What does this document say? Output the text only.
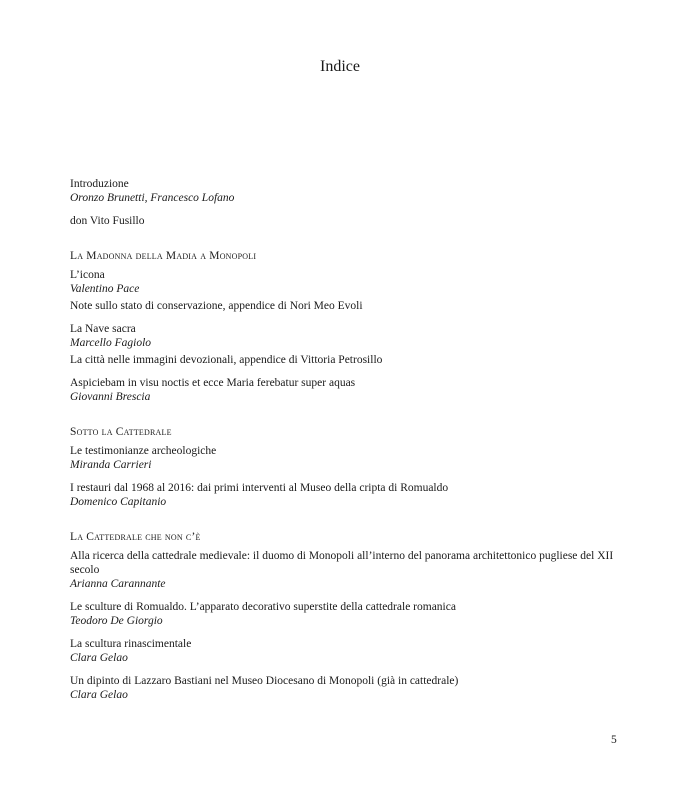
Indice
Introduzione
Oronzo Brunetti, Francesco Lofano
don Vito Fusillo
La Madonna della Madia a Monopoli
L’icona
Valentino Pace
Note sullo stato di conservazione, appendice di Nori Meo Evoli
La Nave sacra
Marcello Fagiolo
La città nelle immagini devozionali, appendice di Vittoria Petrosillo
Aspiciebam in visu noctis et ecce Maria ferebatur super aquas
Giovanni Brescia
Sotto la Cattedrale
Le testimonianze archeologiche
Miranda Carrieri
I restauri dal 1968 al 2016: dai primi interventi al Museo della cripta di Romualdo
Domenico Capitanio
La Cattedrale che non c’è
Alla ricerca della cattedrale medievale: il duomo di Monopoli all’interno del panorama architettonico pugliese del XII secolo
Arianna Carannante
Le sculture di Romualdo. L’apparato decorativo superstite della cattedrale romanica
Teodoro De Giorgio
La scultura rinascimentale
Clara Gelao
Un dipinto di Lazzaro Bastiani nel Museo Diocesano di Monopoli (già in cattedrale)
Clara Gelao
5
